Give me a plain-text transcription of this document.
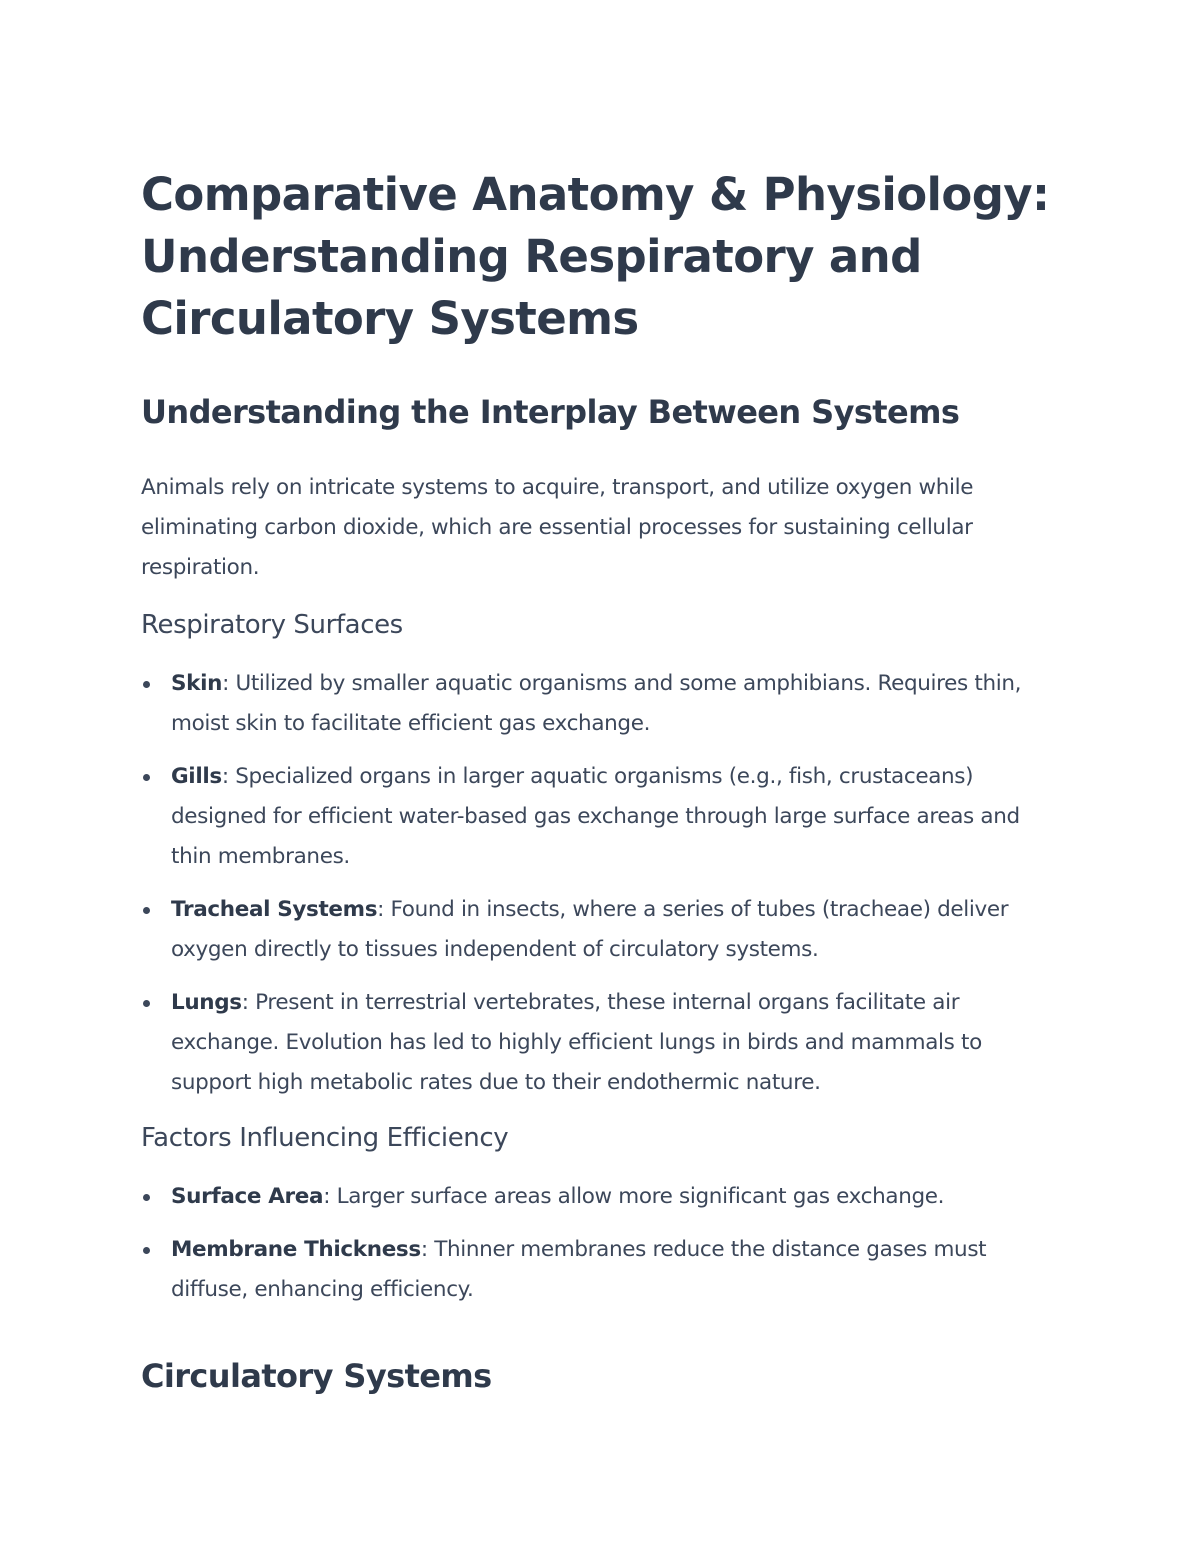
Comparative Anatomy & Physiology: Understanding Respiratory and Circulatory Systems
Understanding the Interplay Between Systems

Animals rely on intricate systems to acquire, transport, and utilize oxygen while eliminating carbon dioxide, which are essential processes for sustaining cellular respiration.

Respiratory Surfaces
Skin: Utilized by smaller aquatic organisms and some amphibians. Requires thin, moist skin to facilitate efficient gas exchange.
Gills: Specialized organs in larger aquatic organisms (e.g., fish, crustaceans) designed for efficient water-based gas exchange through large surface areas and thin membranes.
Tracheal Systems: Found in insects, where a series of tubes (tracheae) deliver oxygen directly to tissues independent of circulatory systems.
Lungs: Present in terrestrial vertebrates, these internal organs facilitate air exchange. Evolution has led to highly efficient lungs in birds and mammals to support high metabolic rates due to their endothermic nature.
Factors Influencing Efficiency
Surface Area: Larger surface areas allow more significant gas exchange.
Membrane Thickness: Thinner membranes reduce the distance gases must diffuse, enhancing efficiency.
Circulatory Systems
